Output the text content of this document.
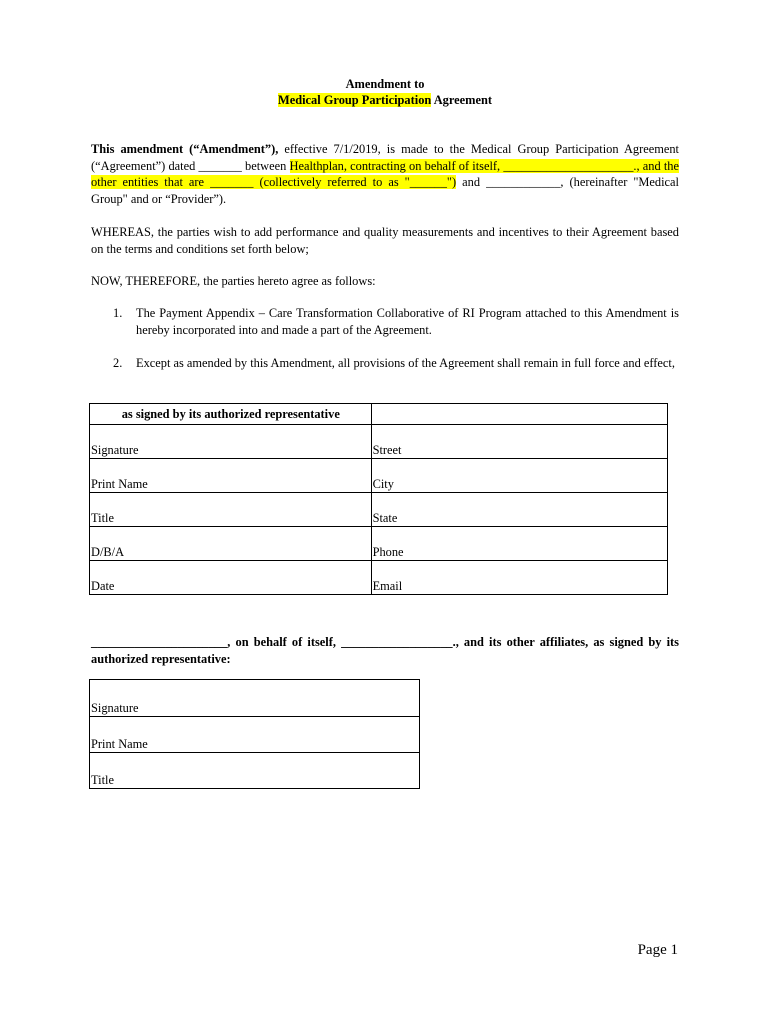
Amendment to
Medical Group Participation Agreement
This amendment (“Amendment”), effective 7/1/2019, is made to the Medical Group Participation Agreement (“Agreement”) dated _______ between Healthplan, contracting on behalf of itself, _____________________., and the other entities that are _______ (collectively referred to as "______") and ____________, (hereinafter "Medical Group" and or “Provider”).
WHEREAS, the parties wish to add performance and quality measurements and incentives to their Agreement based on the terms and conditions set forth below;
NOW, THEREFORE, the parties hereto agree as follows:
1. The Payment Appendix – Care Transformation Collaborative of RI Program attached to this Amendment is hereby incorporated into and made a part of the Agreement.
2. Except as amended by this Amendment, all provisions of the Agreement shall remain in full force and effect,
as signed by its authorized representative	
Signature	Street
Print Name	City
Title	State
D/B/A	Phone
Date	Email
______________________, on behalf of itself, __________________., and its other affiliates, as signed by its authorized representative:
Signature
Print Name
Title
Page 1
